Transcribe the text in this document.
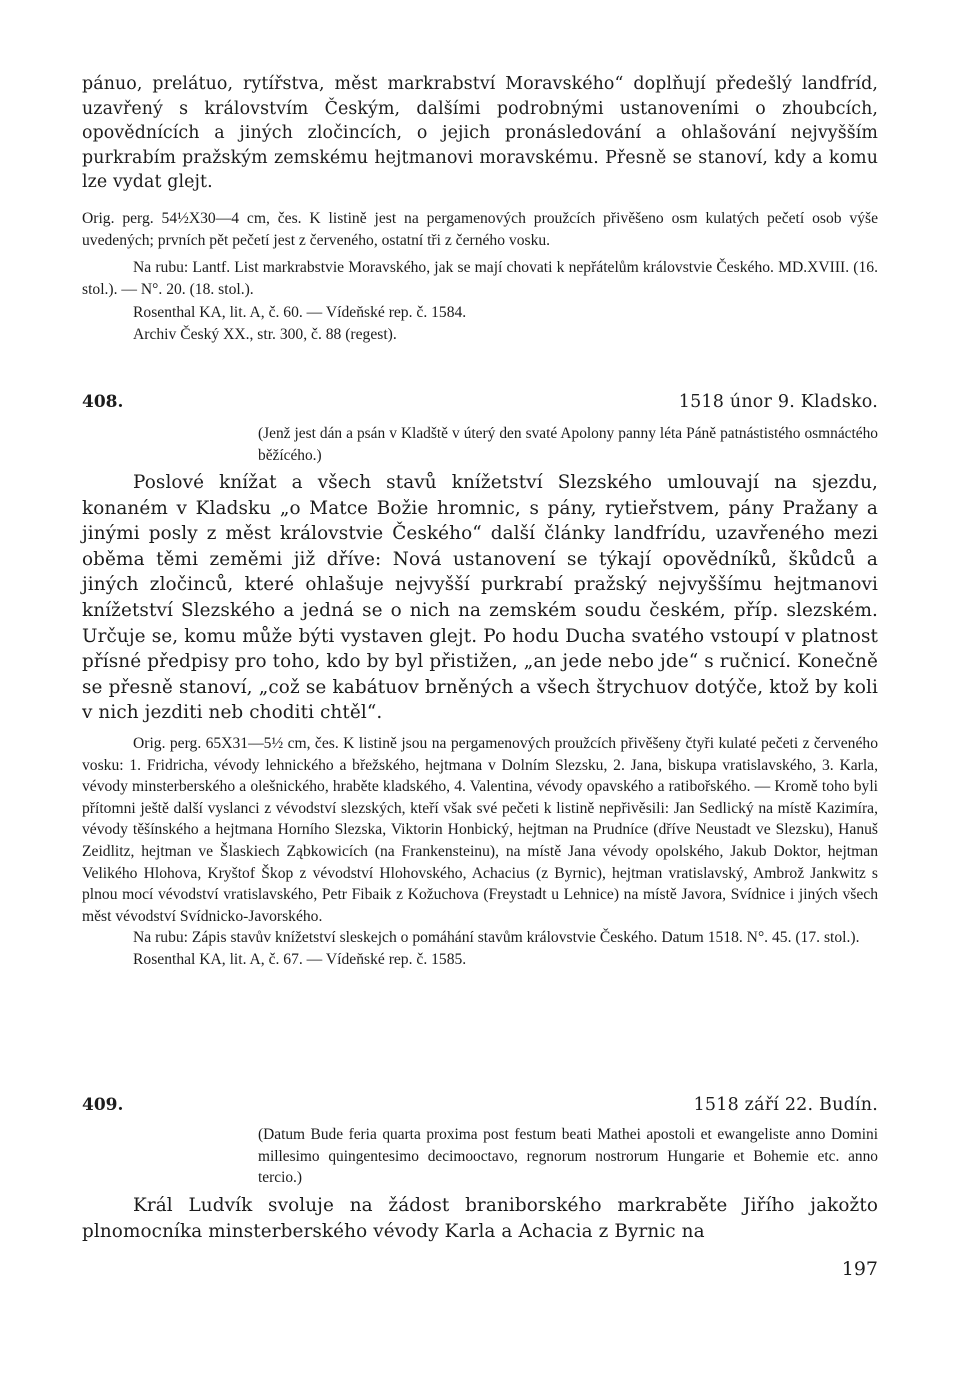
pánuo, prelátuo, rytířstva, měst markrabství Moravského“ doplňují předešlý landfríd, uzavřený s královstvím Českým, dalšími podrobnými ustanoveními o zhoubcích, opovědnících a jiných zločincích, o jejich pronásledování a ohlašování nejvyšším purkrabím pražským zemskému hejtmanovi moravskému. Přesně se stanoví, kdy a komu lze vydat glejt.

Orig. perg. 54½X30—4 cm, čes. K listině jest na pergamenových proužcích přivěšeno osm kulatých pečetí osob výše uvedených; prvních pět pečetí jest z červeného, ostatní tři z černého vosku.

Na rubu: Lantf. List markrabstvie Moravského, jak se mají chovati k nepřátelům královstvie Českého. MD.XVIII. (16. stol.). — N°. 20. (18. stol.).

Rosenthal KA, lit. A, č. 60. — Vídeňské rep. č. 1584.

Archiv Český XX., str. 300, č. 88 (regest).

408.	1518 únor 9. Kladsko.

(Jenž jest dán a psán v Kladště v úterý den svaté Apolony panny léta Páně patnástistého osmnáctého běžícého.)

Poslové knížat a všech stavů knížetství Slezského umlouvají na sjezdu, konaném v Kladsku „o Matce Božie hromnic, s pány, rytieřstvem, pány Pražany a jinými posly z měst královstvie Českého“ další články landfrídu, uzavřeného mezi oběma těmi zeměmi již dříve: Nová ustanovení se týkají opovědníků, škůdců a jiných zločinců, které ohlašuje nejvyšší purkrabí pražský nejvyššímu hejtmanovi knížetství Slezského a jedná se o nich na zemském soudu českém, příp. slezském. Určuje se, komu může býti vystaven glejt. Po hodu Ducha svatého vstoupí v platnost přísné předpisy pro toho, kdo by byl přistižen, „an jede nebo jde“ s ručnicí. Konečně se přesně stanoví, „což se kabátuov brněných a všech štrychuov dotýče, ktož by koli v nich jezditi neb choditi chtěl“.

Orig. perg. 65X31—5½ cm, čes. K listině jsou na pergamenových proužcích přivěšeny čtyři kulaté pečeti z červeného vosku: 1. Fridricha, vévody lehnického a břežského, hejtmana v Dolním Slezsku, 2. Jana, biskupa vratislavského, 3. Karla, vévody minsterberského a olešnického, hraběte kladského, 4. Valentina, vévody opavského a ratibořského. — Kromě toho byli přítomni ještě další vyslanci z vévodství slezských, kteří však své pečeti k listině nepřivěsili: Jan Sedlický na místě Kazimíra, vévody těšínského a hejtmana Horního Slezska, Viktorin Honbický, hejtman na Prudníce (dříve Neustadt ve Slezsku), Hanuš Zeidlitz, hejtman ve Šlaskiech Ząbkowicích (na Frankensteinu), na místě Jana vévody opolského, Jakub Doktor, hejtman Velikého Hlohova, Kryštof Škop z vévodství Hlohovského, Achacius (z Byrnic), hejtman vratislavský, Ambrož Jankwitz s plnou mocí vévodství vratislavského, Petr Fibaik z Kožuchova (Freystadt u Lehnice) na místě Javora, Svídnice i jiných všech měst vévodství Svídnicko-Javorského.

Na rubu: Zápis stavův knížetství sleskejch o pomáhání stavům královstvie Českého. Datum 1518. N°. 45. (17. stol.).

Rosenthal KA, lit. A, č. 67. — Vídeňské rep. č. 1585.

409.	1518 září 22. Budín.

(Datum Bude feria quarta proxima post festum beati Mathei apostoli et ewangeliste anno Domini millesimo quingentesimo decimooctavo, regnorum nostrorum Hungarie et Bohemie etc. anno tercio.)

Král Ludvík svoluje na žádost braniborského markraběte Jiřího jakožto plnomocníka minsterberského vévody Karla a Achacia z Byrnic na

197
